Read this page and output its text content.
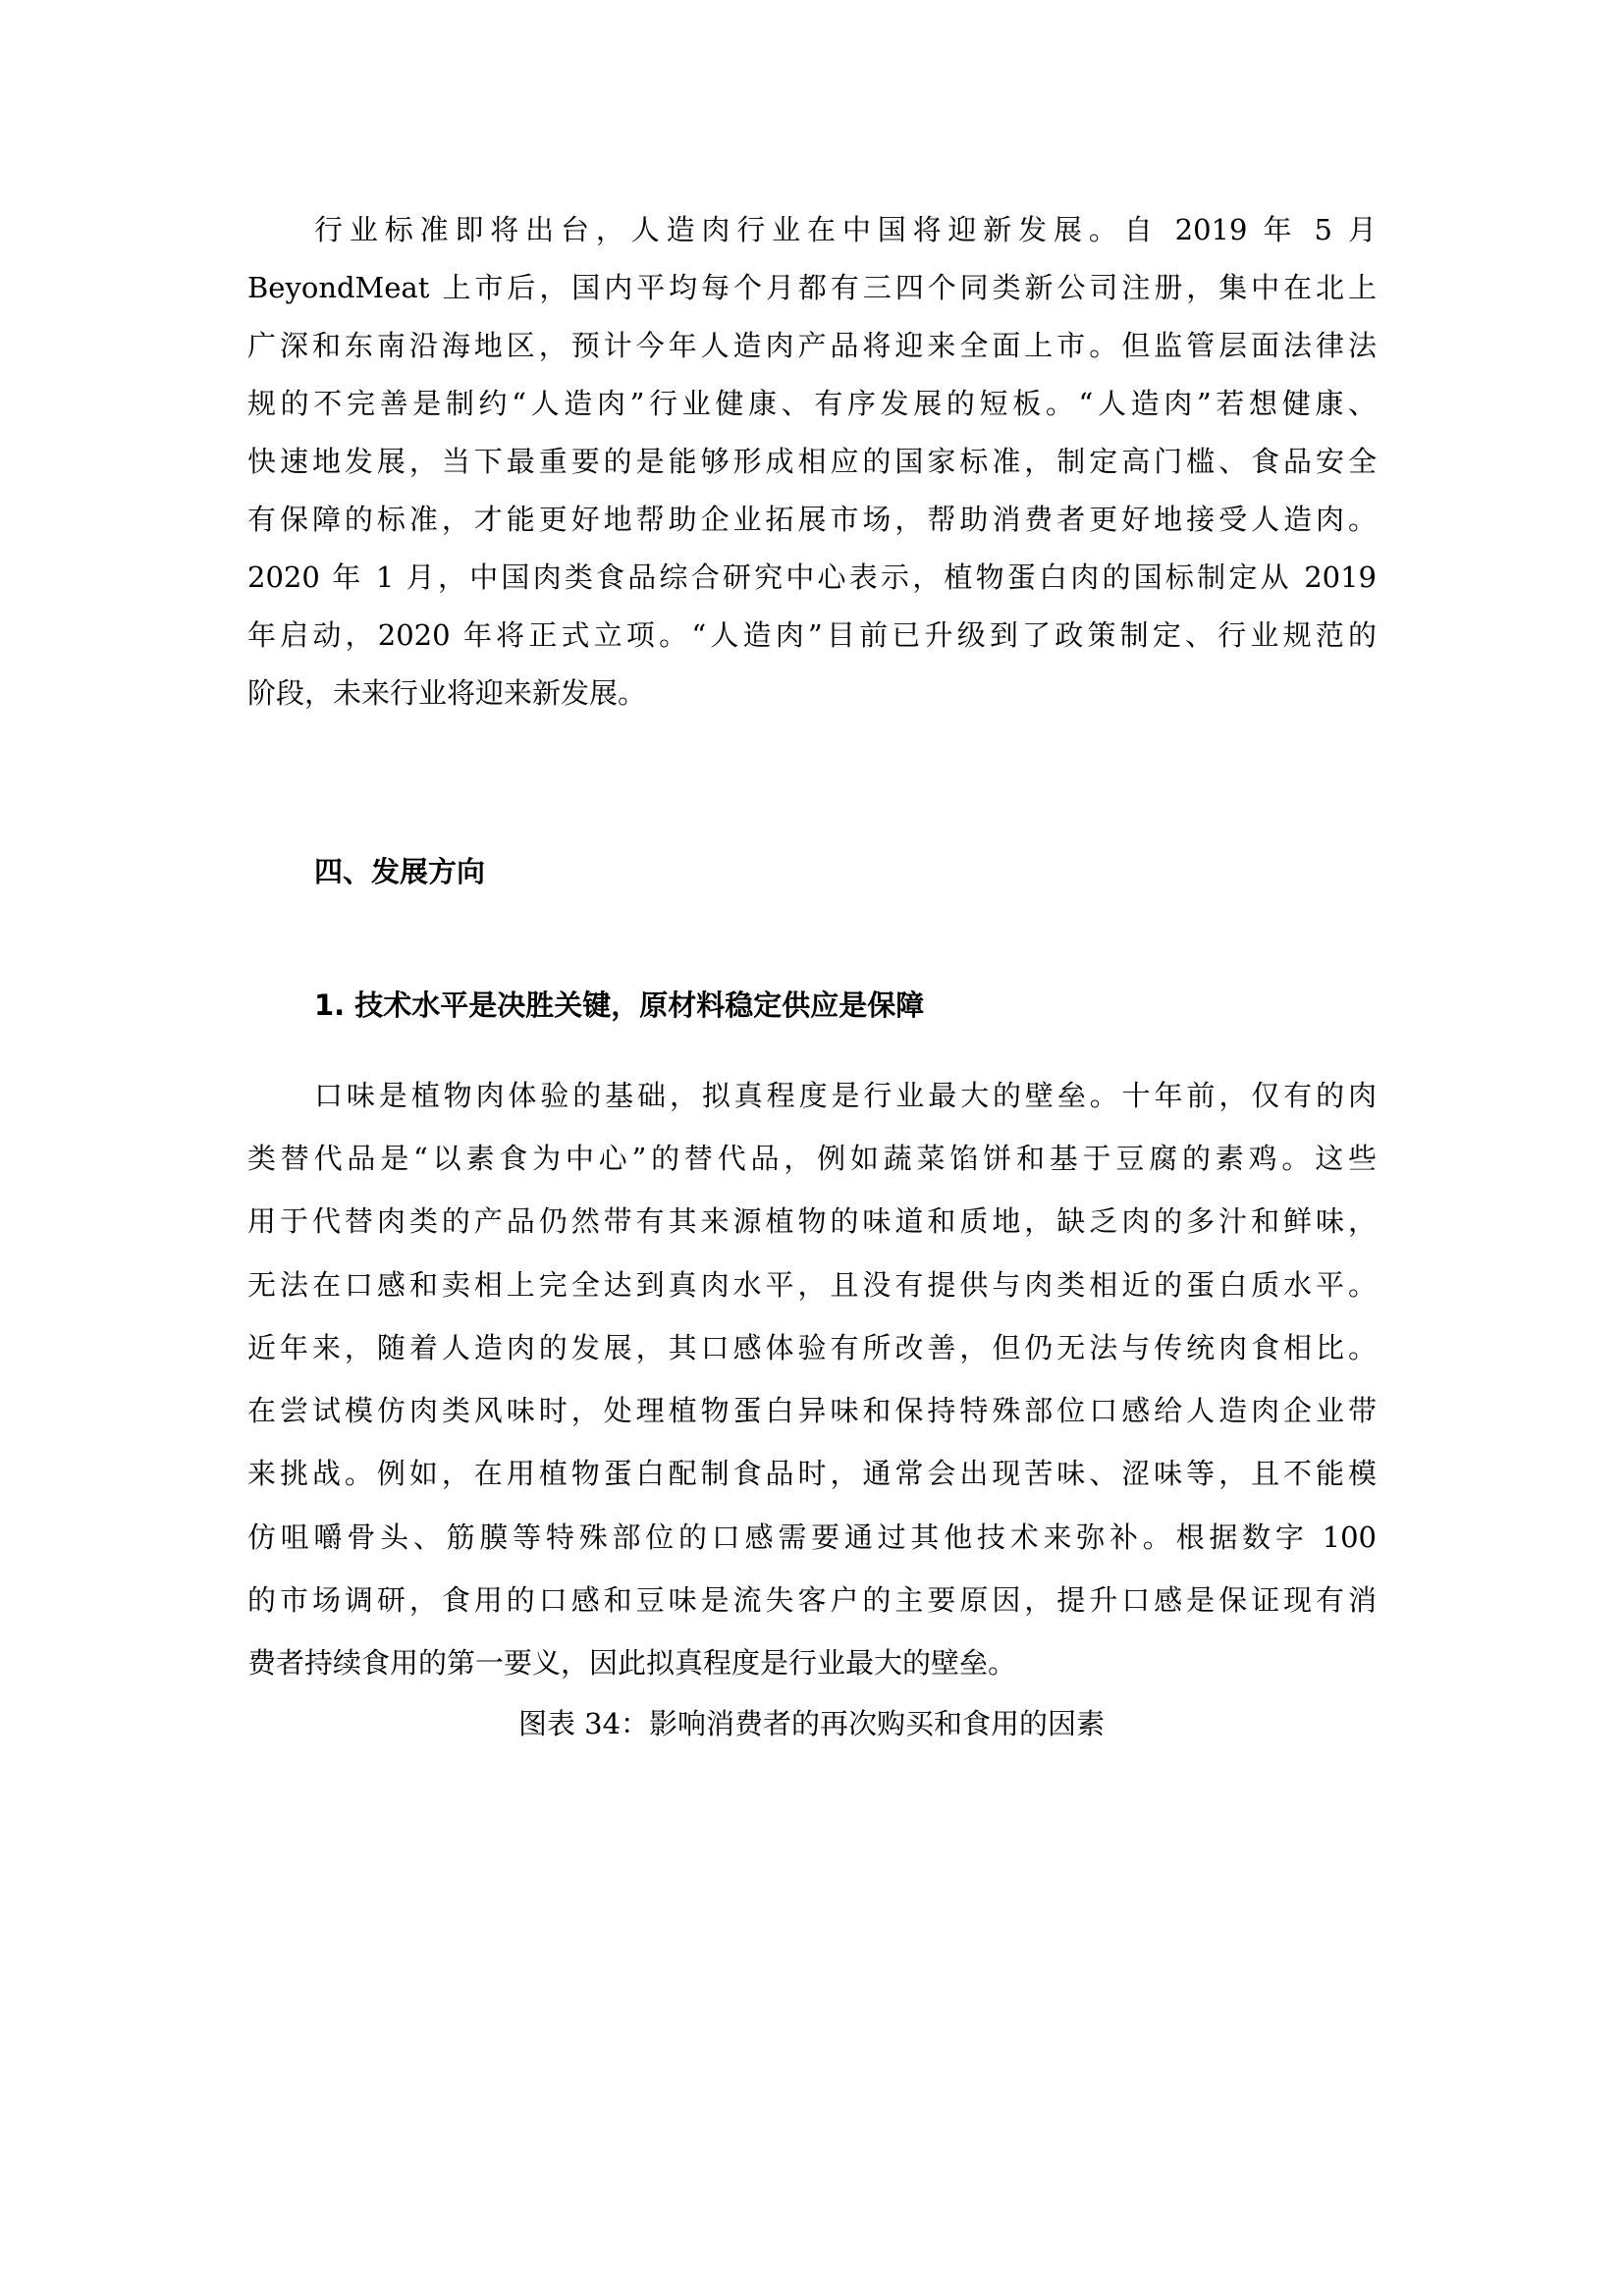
行业标准即将出台，人造肉行业在中国将迎新发展。自 2019 年 5 月
BeyondMeat 上市后，国内平均每个月都有三四个同类新公司注册，集中在北上
广深和东南沿海地区，预计今年人造肉产品将迎来全面上市。但监管层面法律法
规的不完善是制约“人造肉”行业健康、有序发展的短板。“人造肉”若想健康、
快速地发展，当下最重要的是能够形成相应的国家标准，制定高门槛、食品安全
有保障的标准，才能更好地帮助企业拓展市场，帮助消费者更好地接受人造肉。
2020 年 1 月，中国肉类食品综合研究中心表示，植物蛋白肉的国标制定从 2019
年启动，2020 年将正式立项。“人造肉”目前已升级到了政策制定、行业规范的
阶段，未来行业将迎来新发展。
四、发展方向
1. 技术水平是决胜关键，原材料稳定供应是保障
口味是植物肉体验的基础，拟真程度是行业最大的壁垒。十年前，仅有的肉
类替代品是“以素食为中心”的替代品，例如蔬菜馅饼和基于豆腐的素鸡。这些
用于代替肉类的产品仍然带有其来源植物的味道和质地，缺乏肉的多汁和鲜味，
无法在口感和卖相上完全达到真肉水平，且没有提供与肉类相近的蛋白质水平。
近年来，随着人造肉的发展，其口感体验有所改善，但仍无法与传统肉食相比。
在尝试模仿肉类风味时，处理植物蛋白异味和保持特殊部位口感给人造肉企业带
来挑战。例如，在用植物蛋白配制食品时，通常会出现苦味、涩味等，且不能模
仿咀嚼骨头、筋膜等特殊部位的口感需要通过其他技术来弥补。根据数字 100
的市场调研，食用的口感和豆味是流失客户的主要原因，提升口感是保证现有消
费者持续食用的第一要义，因此拟真程度是行业最大的壁垒。
图表 34：影响消费者的再次购买和食用的因素
